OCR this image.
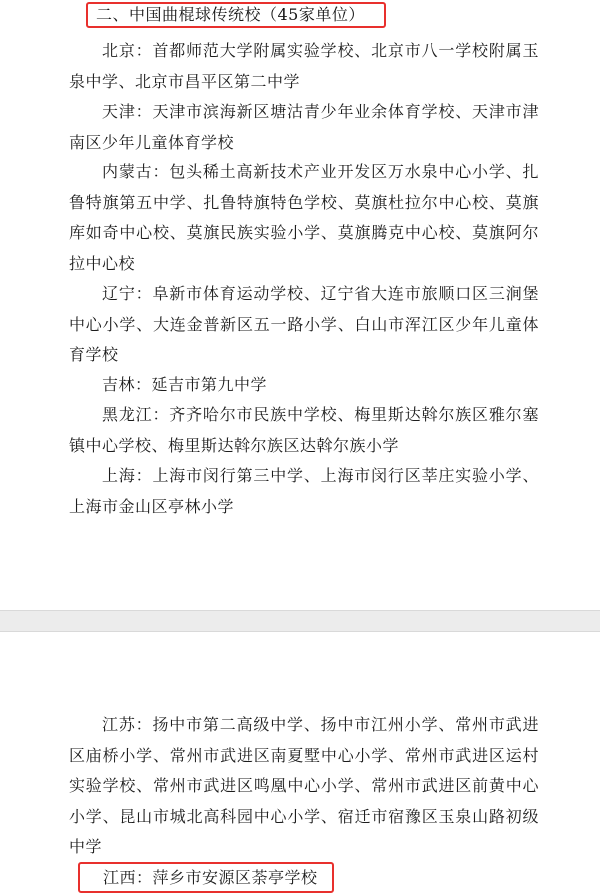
二、中国曲棍球传统校（45家单位）

北京：首都师范大学附属实验学校、北京市八一学校附属玉泉中学、北京市昌平区第二中学

天津：天津市滨海新区塘沽青少年业余体育学校、天津市津南区少年儿童体育学校

内蒙古：包头稀土高新技术产业开发区万水泉中心小学、扎鲁特旗第五中学、扎鲁特旗特色学校、莫旗杜拉尔中心校、莫旗库如奇中心校、莫旗民族实验小学、莫旗腾克中心校、莫旗阿尔拉中心校

辽宁：阜新市体育运动学校、辽宁省大连市旅顺口区三涧堡中心小学、大连金普新区五一路小学、白山市浑江区少年儿童体育学校

吉林：延吉市第九中学

黑龙江：齐齐哈尔市民族中学校、梅里斯达斡尔族区雅尔塞镇中心学校、梅里斯达斡尔族区达斡尔族小学

上海：上海市闵行第三中学、上海市闵行区莘庄实验小学、上海市金山区亭林小学

江苏：扬中市第二高级中学、扬中市江州小学、常州市武进区庙桥小学、常州市武进区南夏墅中心小学、常州市武进区运村实验学校、常州市武进区鸣凰中心小学、常州市武进区前黄中心小学、昆山市城北高科园中心小学、宿迁市宿豫区玉泉山路初级中学

江西：萍乡市安源区荼亭学校
